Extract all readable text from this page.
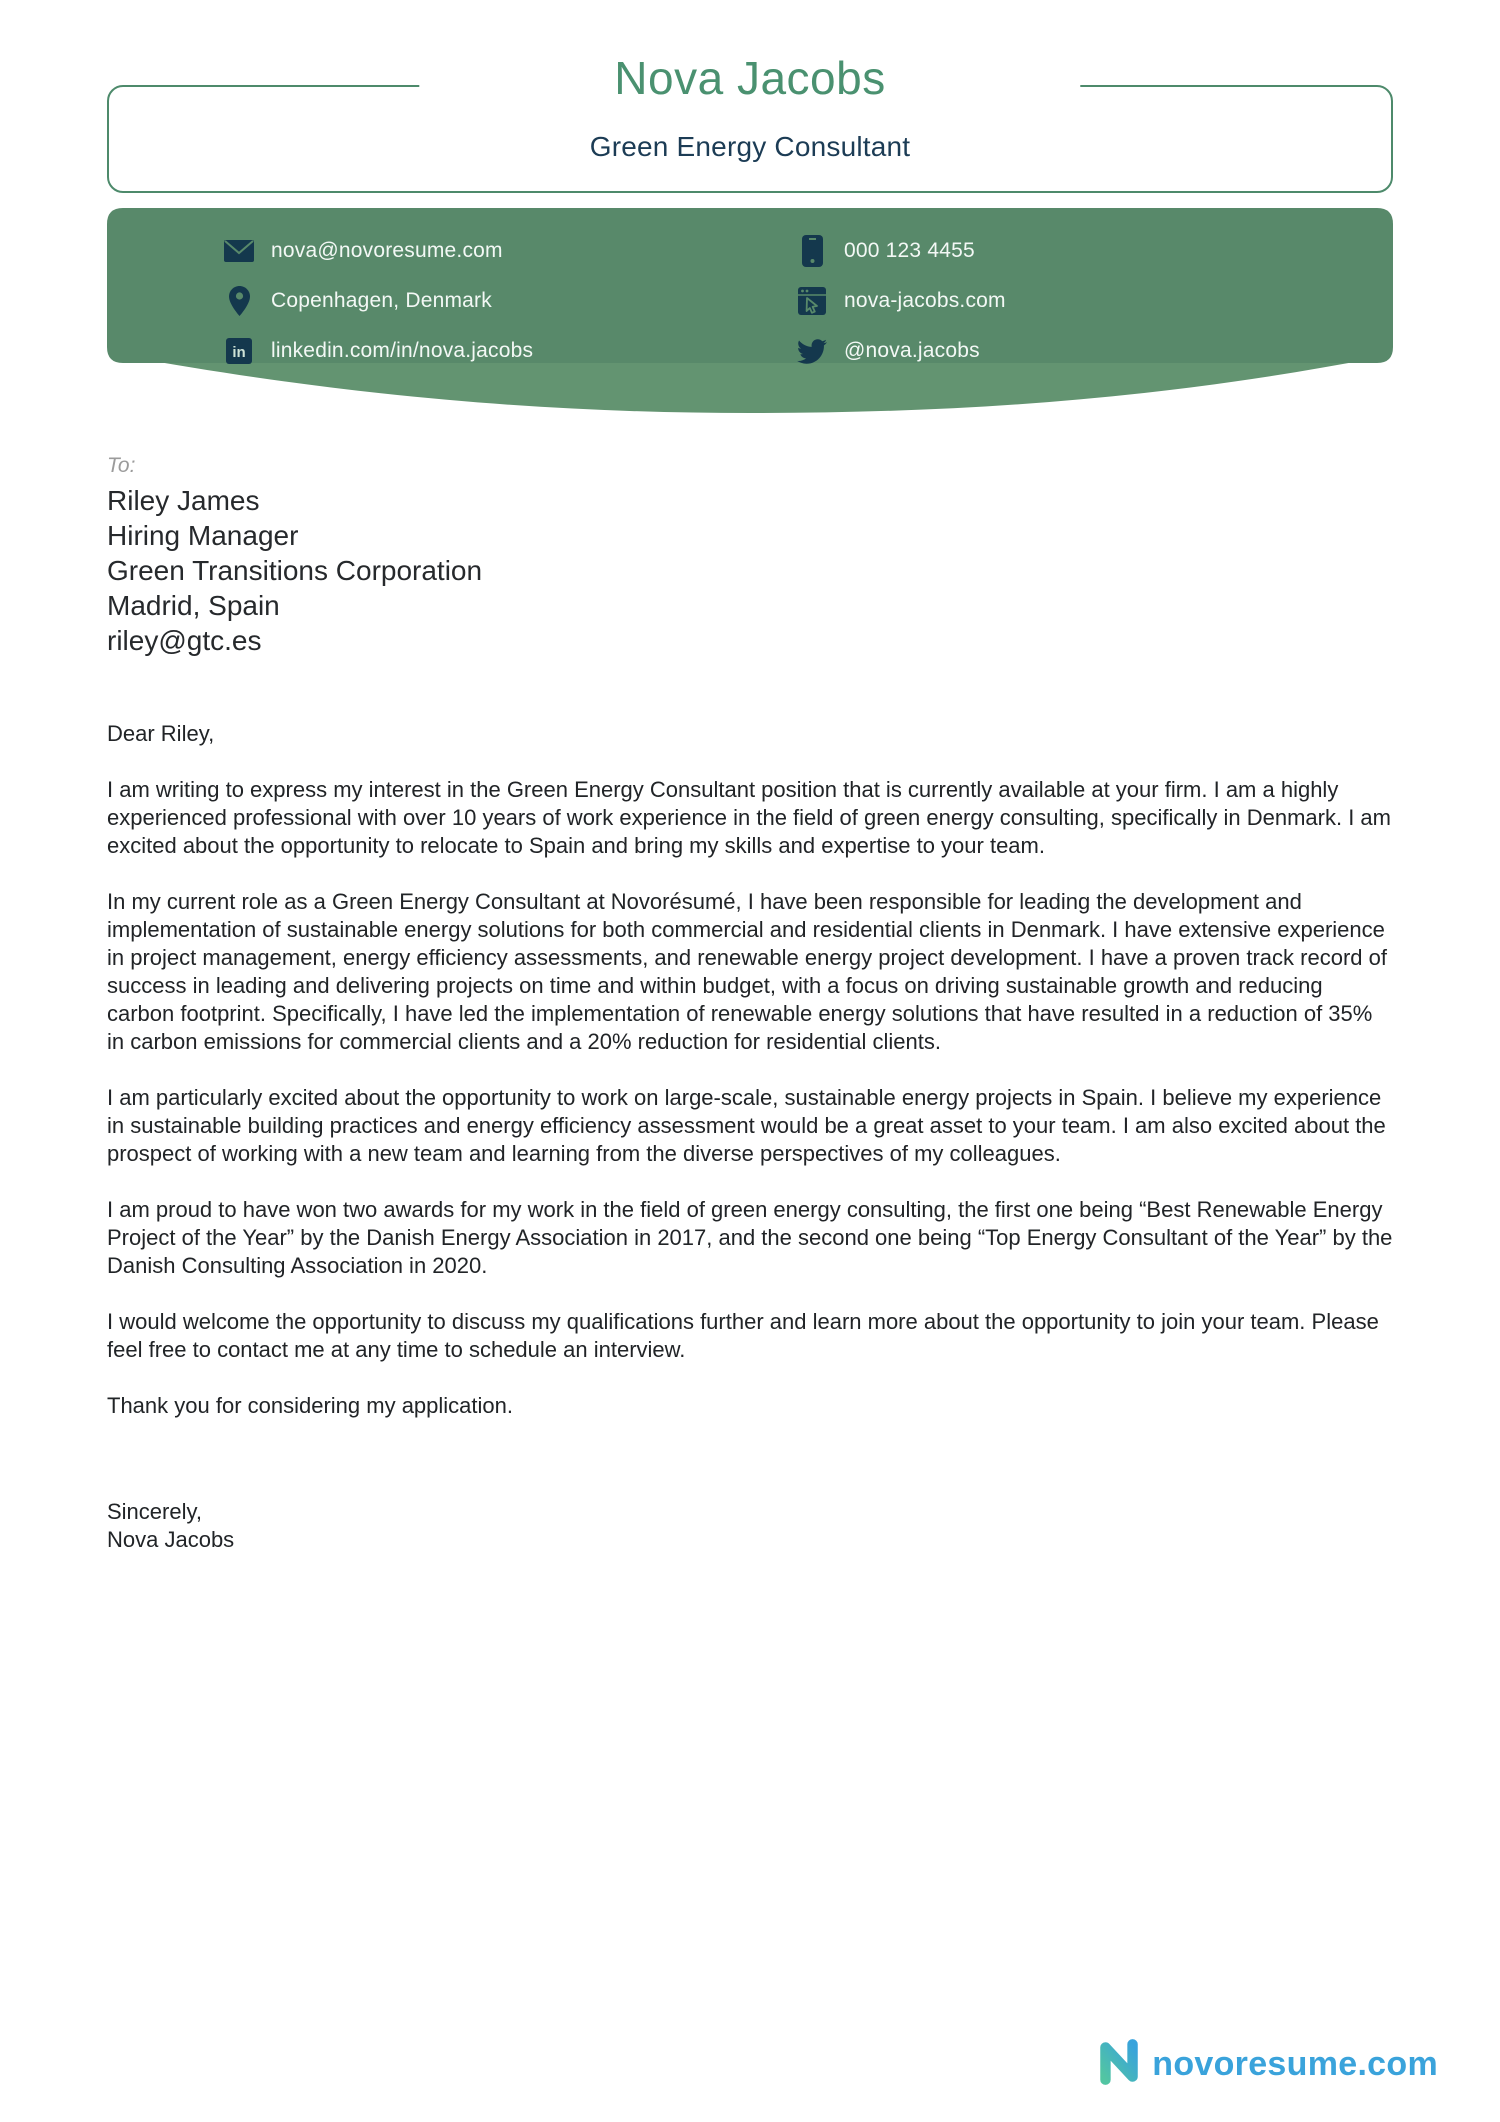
Nova Jacobs
Green Energy Consultant
nova@novoresume.com
Copenhagen, Denmark
in linkedin.com/in/nova.jacobs
000 123 4455
nova-jacobs.com
@nova.jacobs
To:
Riley James
Hiring Manager
Green Transitions Corporation
Madrid, Spain
riley@gtc.es

Dear Riley,

I am writing to express my interest in the Green Energy Consultant position that is currently available at your firm. I am a highly experienced professional with over 10 years of work experience in the field of green energy consulting, specifically in Denmark. I am excited about the opportunity to relocate to Spain and bring my skills and expertise to your team.

In my current role as a Green Energy Consultant at Novorésumé, I have been responsible for leading the development and implementation of sustainable energy solutions for both commercial and residential clients in Denmark. I have extensive experience in project management, energy efficiency assessments, and renewable energy project development. I have a proven track record of success in leading and delivering projects on time and within budget, with a focus on driving sustainable growth and reducing carbon footprint. Specifically, I have led the implementation of renewable energy solutions that have resulted in a reduction of 35% in carbon emissions for commercial clients and a 20% reduction for residential clients.

I am particularly excited about the opportunity to work on large-scale, sustainable energy projects in Spain. I believe my experience in sustainable building practices and energy efficiency assessment would be a great asset to your team. I am also excited about the prospect of working with a new team and learning from the diverse perspectives of my colleagues.

I am proud to have won two awards for my work in the field of green energy consulting, the first one being “Best Renewable Energy Project of the Year” by the Danish Energy Association in 2017, and the second one being “Top Energy Consultant of the Year” by the Danish Consulting Association in 2020.

I would welcome the opportunity to discuss my qualifications further and learn more about the opportunity to join your team. Please feel free to contact me at any time to schedule an interview.

Thank you for considering my application.

Sincerely,
Nova Jacobs
novoresume.com
